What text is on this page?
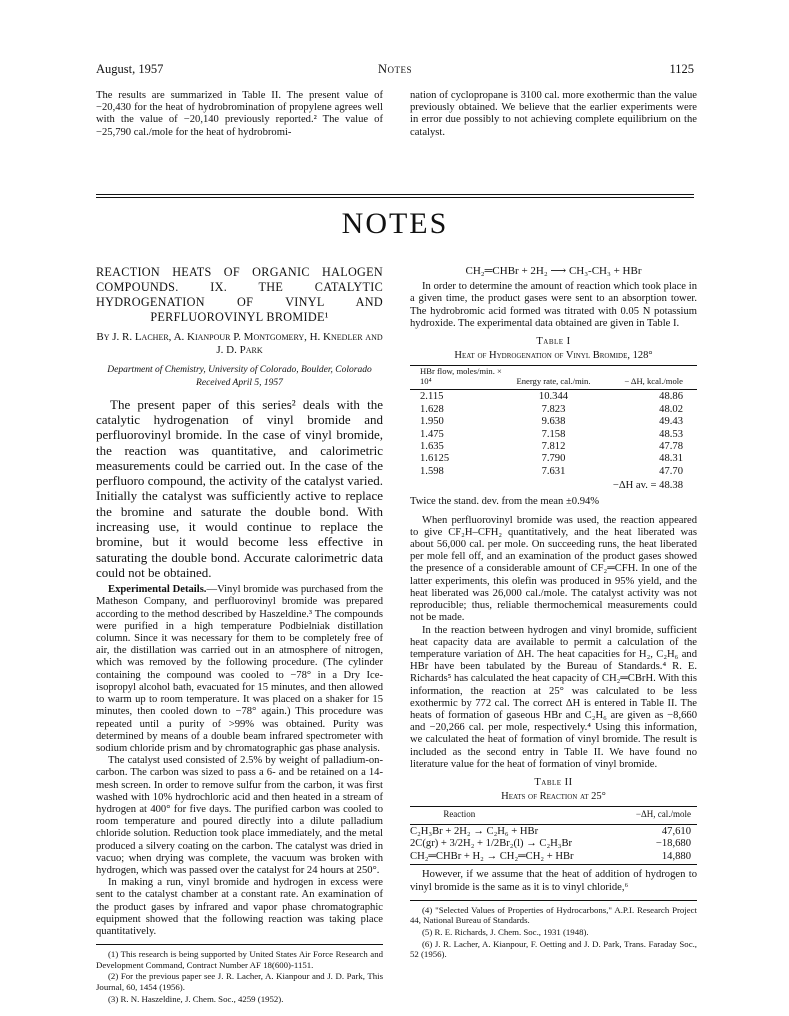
August, 1957	Notes	1125
The results are summarized in Table II. The present value of −20,430 for the heat of hydrobromination of propylene agrees well with the value of −20,140 previously reported.² The value of −25,790 cal./mole for the heat of hydrobromi-
nation of cyclopropane is 3100 cal. more exothermic than the value previously obtained. We believe that the earlier experiments were in error due possibly to not achieving complete equilibrium on the catalyst.
NOTES

REACTION HEATS OF ORGANIC HALOGEN COMPOUNDS. IX. THE CATALYTIC HYDROGENATION OF VINYL AND PERFLUOROVINYL BROMIDE¹

By J. R. Lacher, A. Kianpour P. Montgomery, H. Knedler and J. D. Park

Department of Chemistry, University of Colorado, Boulder, Colorado

Received April 5, 1957

The present paper of this series² deals with the catalytic hydrogenation of vinyl bromide and perfluorovinyl bromide. In the case of vinyl bromide, the reaction was quantitative, and calorimetric measurements could be carried out. In the case of the perfluoro compound, the activity of the catalyst varied. Initially the catalyst was sufficiently active to replace the bromine and saturate the double bond. With increasing use, it would continue to replace the bromine, but it would become less effective in saturating the double bond. Accurate calorimetric data could not be obtained.

Experimental Details.—Vinyl bromide was purchased from the Matheson Company, and perfluorovinyl bromide was prepared according to the method described by Haszeldine.³ The compounds were purified in a high temperature Podbielniak distillation column. Since it was necessary for them to be completely free of air, the distillation was carried out in an atmosphere of nitrogen, which was removed by the following procedure. (The cylinder containing the compound was cooled to −78° in a Dry Ice-isopropyl alcohol bath, evacuated for 15 minutes, and then allowed to warm up to room temperature. It was placed on a shaker for 15 minutes, then cooled down to −78° again.) This procedure was repeated until a purity of >99% was obtained. Purity was determined by means of a double beam infrared spectrometer with sodium chloride prism and by chromatographic gas phase analysis.

The catalyst used consisted of 2.5% by weight of palladium-on-carbon. The carbon was sized to pass a 6- and be retained on a 14-mesh screen. In order to remove sulfur from the carbon, it was first washed with 10% hydrochloric acid and then heated in a stream of hydrogen at 400° for five days. The purified carbon was cooled to room temperature and poured directly into a dilute palladium chloride solution. Reduction took place immediately, and the metal produced a silvery coating on the carbon. The catalyst was dried in vacuo; when drying was complete, the vacuum was broken with hydrogen, which was passed over the catalyst for 24 hours at 250°.

In making a run, vinyl bromide and hydrogen in excess were sent to the catalyst chamber at a constant rate. An examination of the product gases by infrared and vapor phase chromatographic equipment showed that the following reaction was taking place quantitatively.

(1) This research is being supported by United States Air Force Research and Development Command, Contract Number AF 18(600)-1151.

(2) For the previous paper see J. R. Lacher, A. Kianpour and J. D. Park, This Journal, 60, 1454 (1956).

(3) R. N. Haszeldine, J. Chem. Soc., 4259 (1952).

CH₂═CHBr + 2H₂ ⟶ CH₃-CH₃ + HBr

In order to determine the amount of reaction which took place in a given time, the product gases were sent to an absorption tower. The hydrobromic acid formed was titrated with 0.05 N potassium hydroxide. The experimental data obtained are given in Table I.

Table I

Heat of Hydrogenation of Vinyl Bromide, 128°

HBr flow, moles/min. × 10⁴	Energy rate, cal./min.	− ΔH, kcal./mole
2.115	10.344	48.86
1.628	7.823	48.02
1.950	9.638	49.43
1.475	7.158	48.53
1.635	7.812	47.78
1.6125	7.790	48.31
1.598	7.631	47.70

−ΔH av. = 48.38

Twice the stand. dev. from the mean ±0.94%

When perfluorovinyl bromide was used, the reaction appeared to give CF₂H–CFH₂ quantitatively, and the heat liberated was about 56,000 cal. per mole. On succeeding runs, the heat liberated per mole fell off, and an examination of the product gases showed the presence of a considerable amount of CF₂═CFH. In one of the latter experiments, this olefin was produced in 95% yield, and the heat liberated was 26,000 cal./mole. The catalyst activity was not reproducible; thus, reliable thermochemical measurements could not be made.

In the reaction between hydrogen and vinyl bromide, sufficient heat capacity data are available to permit a calculation of the temperature variation of ΔH. The heat capacities for H₂, C₂H₆ and HBr have been tabulated by the Bureau of Standards.⁴ R. E. Richards⁵ has calculated the heat capacity of CH₂═CBrH. With this information, the reaction at 25° was calculated to be less exothermic by 772 cal. The correct ΔH is entered in Table II. The heats of formation of gaseous HBr and C₂H₆ are given as −8,660 and −20,266 cal. per mole, respectively.⁴ Using this information, we calculated the heat of formation of vinyl bromide. The result is included as the second entry in Table II. We have found no literature value for the heat of formation of vinyl bromide.

Table II

Heats of Reaction at 25°

Reaction	−ΔH, cal./mole
C₂H₃Br + 2H₂ → C₂H₆ + HBr	47,610
2C(gr) + 3/2H₂ + 1/2Br₂(l) → C₂H₃Br	−18,680
CH₂═CHBr + H₂ → CH₂═CH₂ + HBr	14,880

However, if we assume that the heat of addition of hydrogen to vinyl bromide is the same as it is to vinyl chloride,⁶

(4) "Selected Values of Properties of Hydrocarbons," A.P.I. Research Project 44, National Bureau of Standards.

(5) R. E. Richards, J. Chem. Soc., 1931 (1948).

(6) J. R. Lacher, A. Kianpour, F. Oetting and J. D. Park, Trans. Faraday Soc., 52 (1956).
